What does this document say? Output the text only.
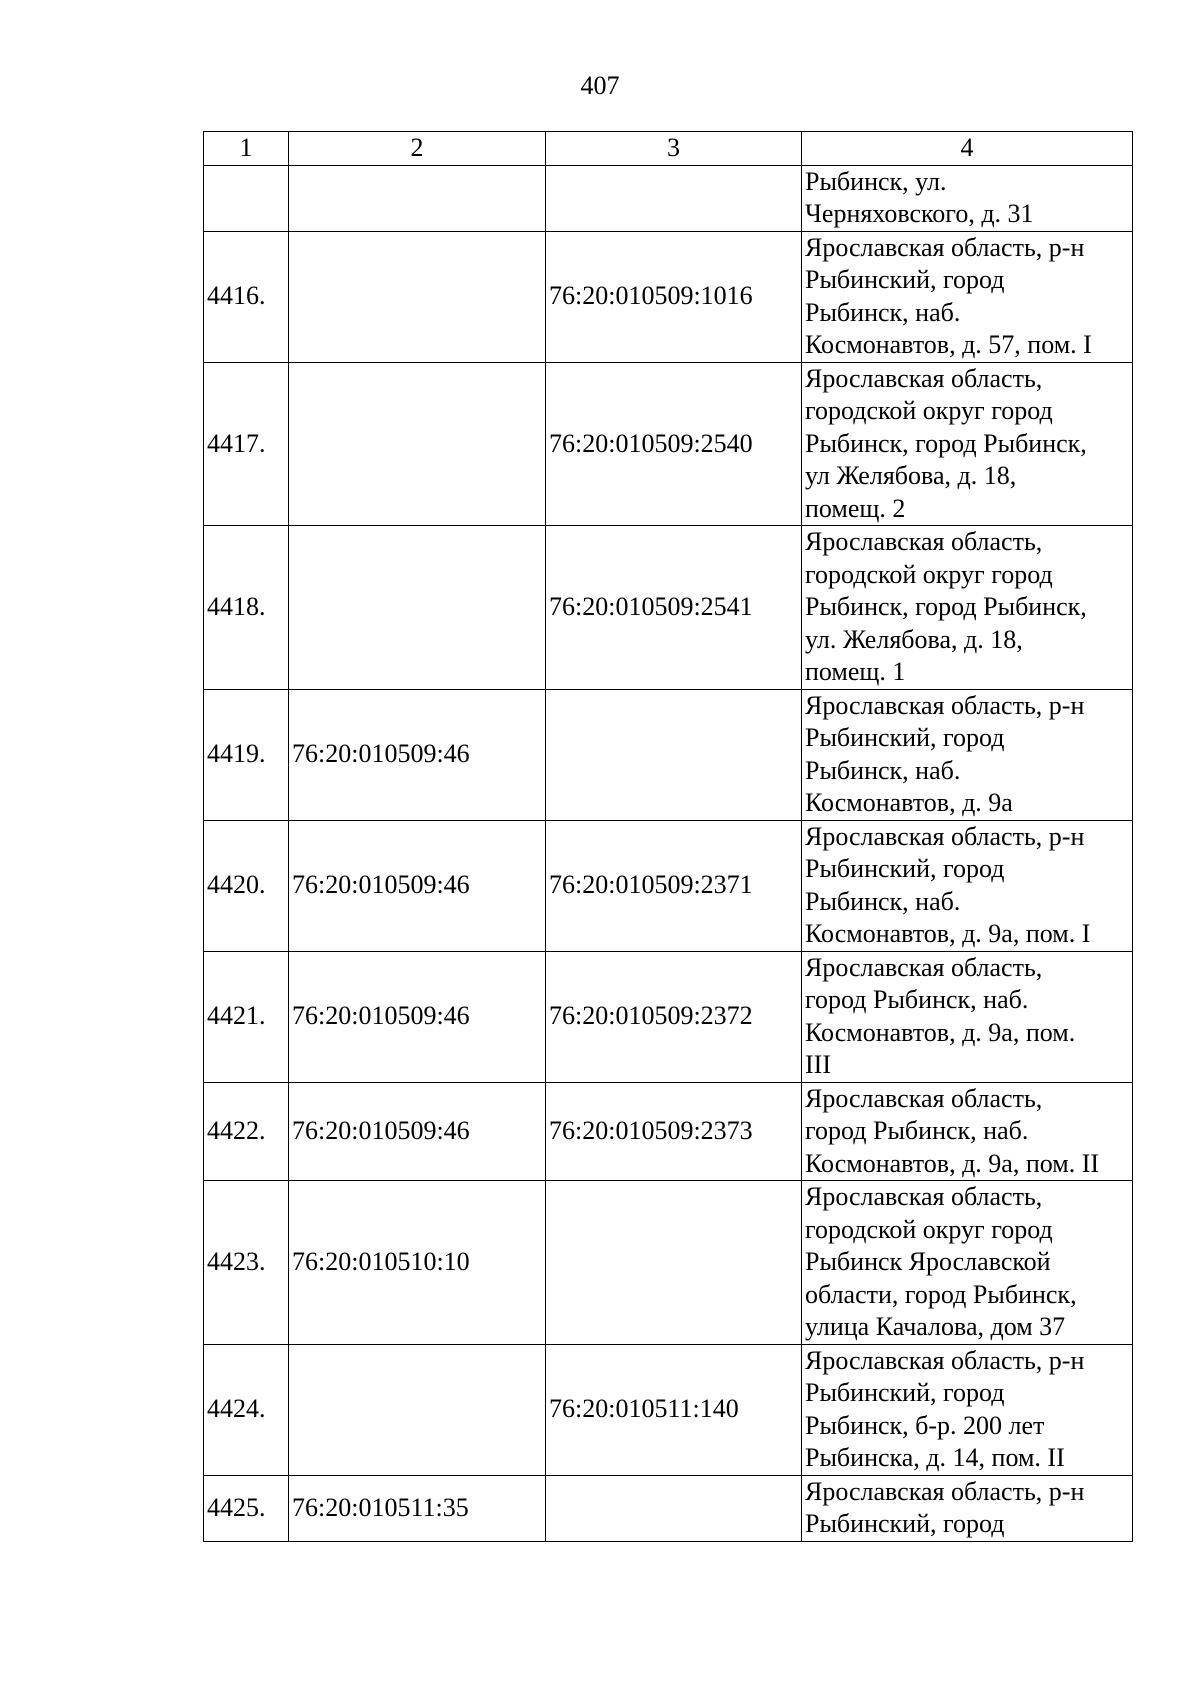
407
1	2	3	4

			Рыбинск, ул.
Черняховского, д. 31

4416.		76:20:010509:1016	Ярославская область, р-н
Рыбинский, город
Рыбинск, наб.
Космонавтов, д. 57, пом. I

4417.		76:20:010509:2540	Ярославская область,
городской округ город
Рыбинск, город Рыбинск,
ул Желябова, д. 18,
помещ. 2

4418.		76:20:010509:2541	Ярославская область,
городской округ город
Рыбинск, город Рыбинск,
ул. Желябова, д. 18,
помещ. 1

4419.	76:20:010509:46		Ярославская область, р-н
Рыбинский, город
Рыбинск, наб.
Космонавтов, д. 9а

4420.	76:20:010509:46	76:20:010509:2371	Ярославская область, р-н
Рыбинский, город
Рыбинск, наб.
Космонавтов, д. 9а, пом. I

4421.	76:20:010509:46	76:20:010509:2372	Ярославская область,
город Рыбинск, наб.
Космонавтов, д. 9а, пом.
III

4422.	76:20:010509:46	76:20:010509:2373	Ярославская область,
город Рыбинск, наб.
Космонавтов, д. 9а, пом. II

4423.	76:20:010510:10		Ярославская область,
городской округ город
Рыбинск Ярославской
области, город Рыбинск,
улица Качалова, дом 37

4424.		76:20:010511:140	Ярославская область, р-н
Рыбинский, город
Рыбинск, б-р. 200 лет
Рыбинска, д. 14, пом. II

4425.	76:20:010511:35		Ярославская область, р-н
Рыбинский, город
